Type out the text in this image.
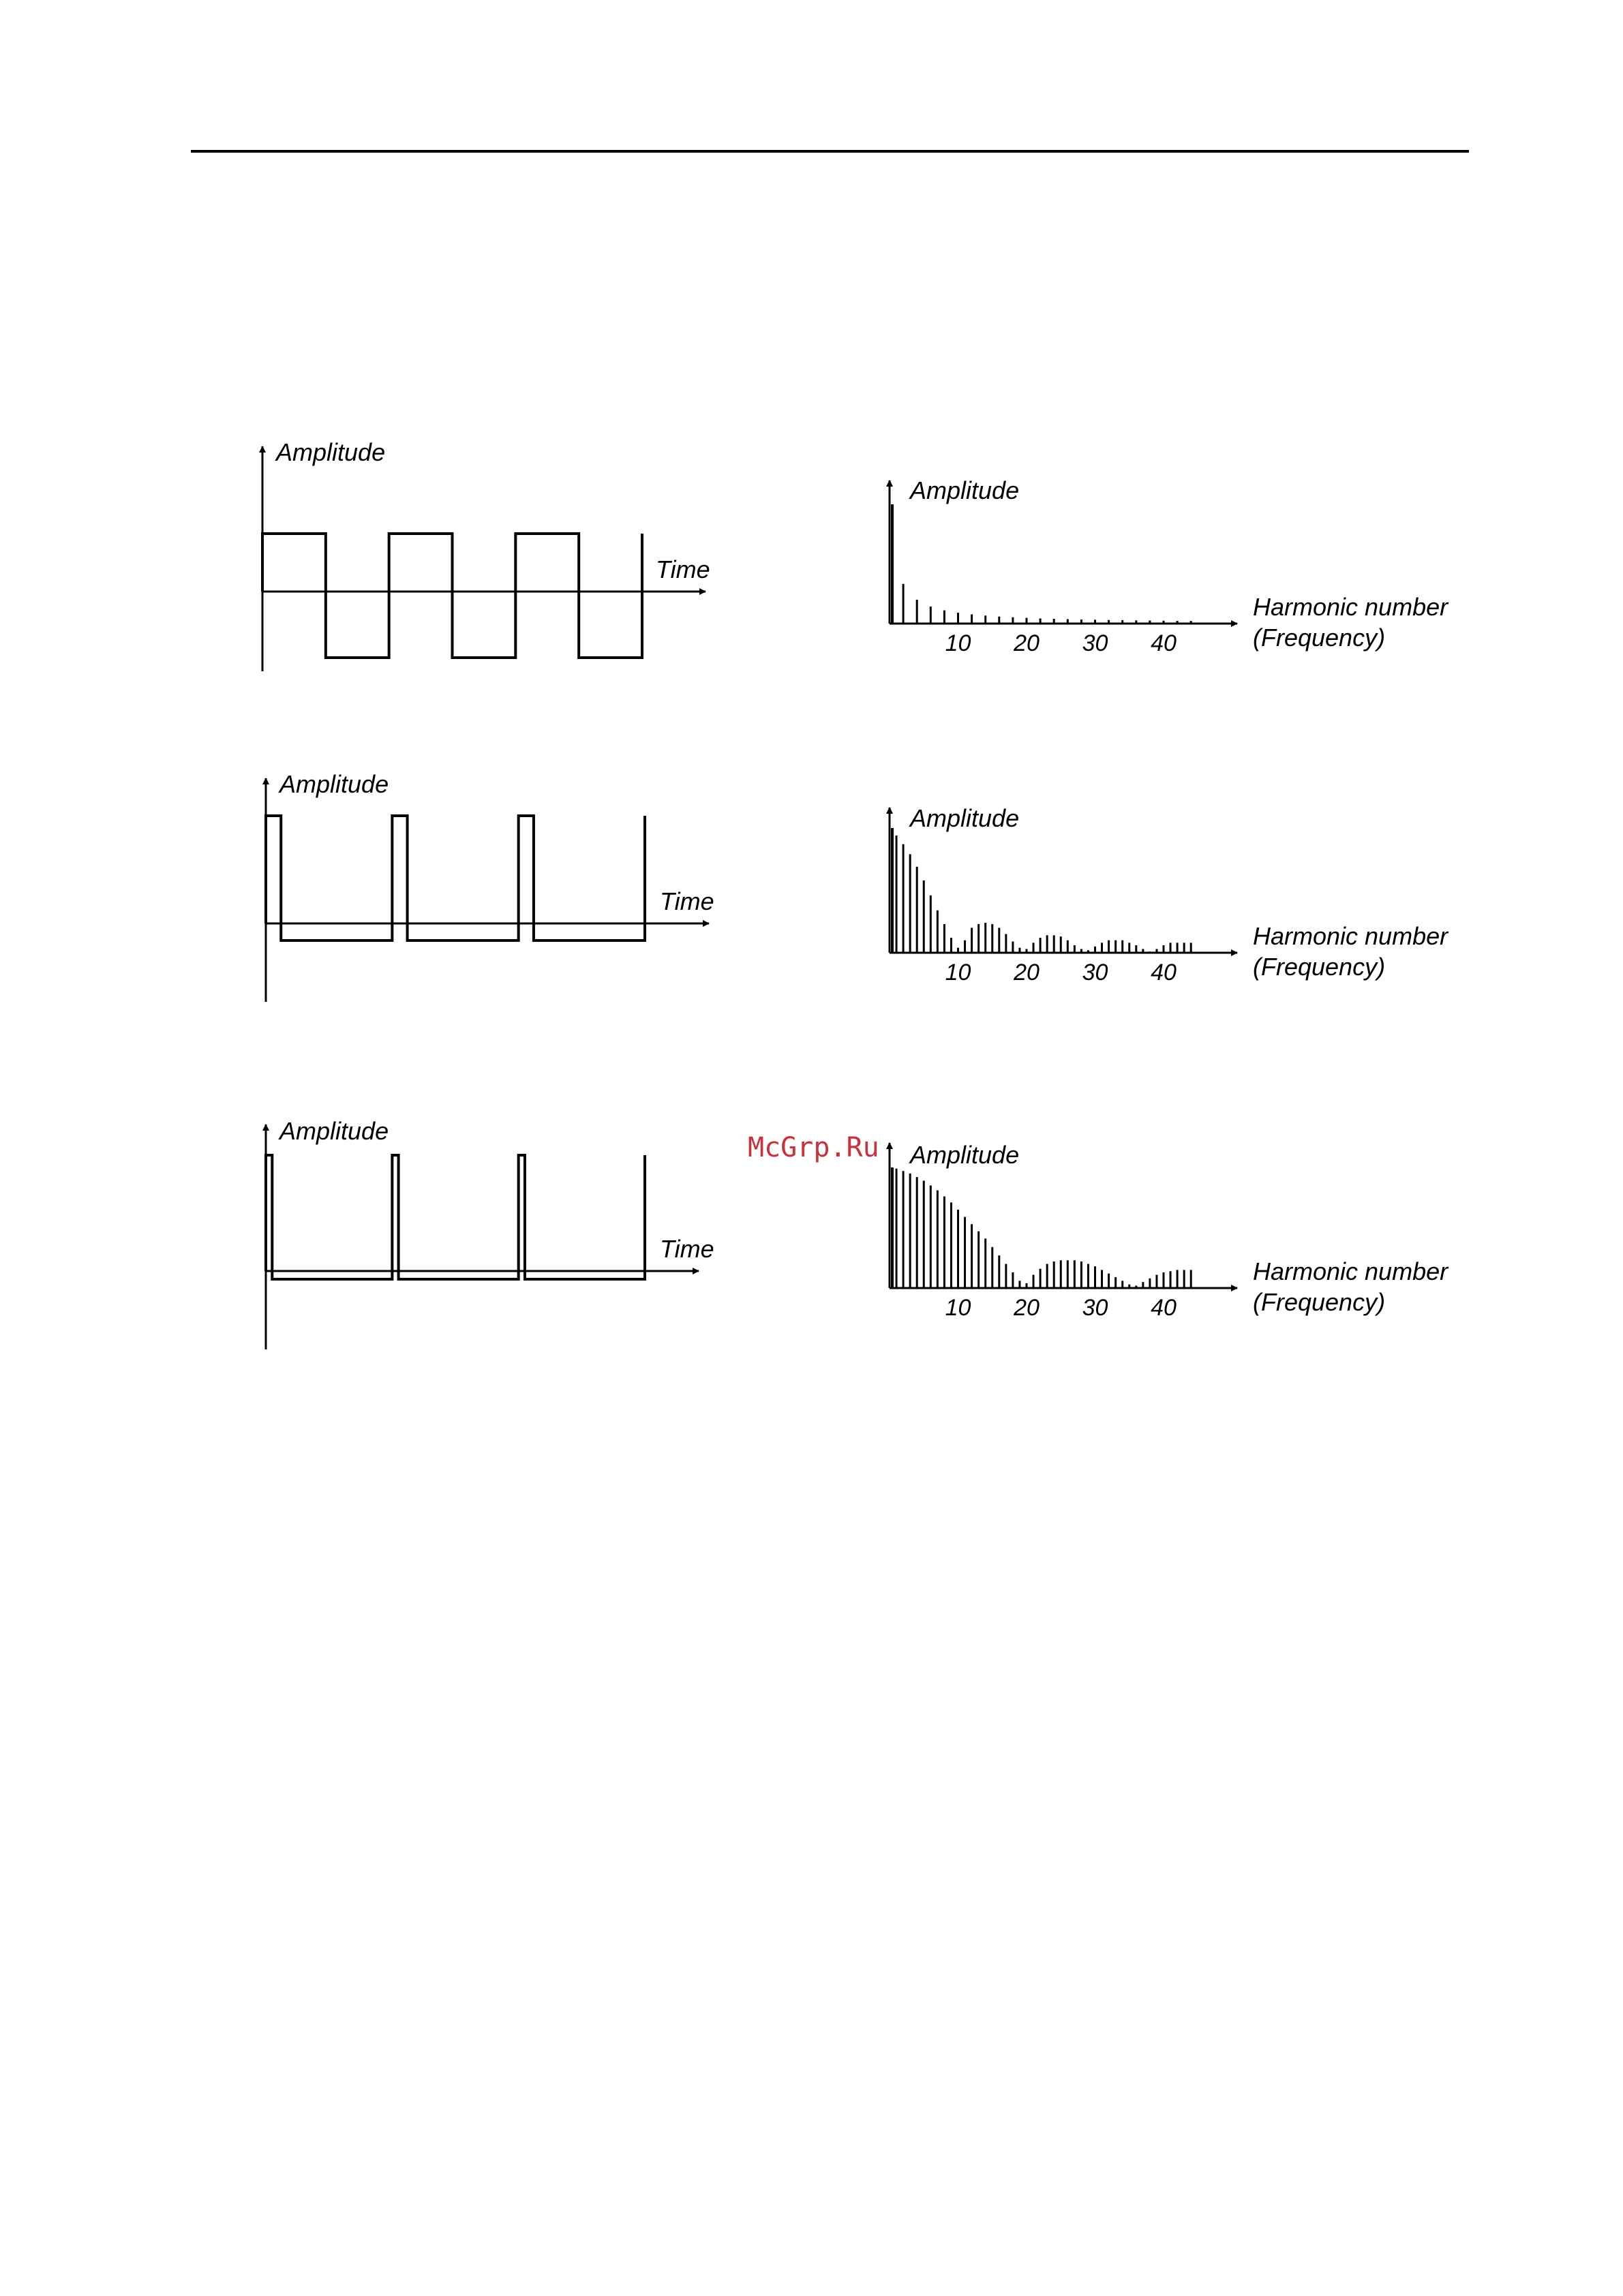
Amplitude
Time
Amplitude
Time
Amplitude
Time
Amplitude
Harmonic number
(Frequency)
10 20 30 40
Amplitude
Harmonic number
(Frequency)
10 20 30 40
Amplitude
Harmonic number
(Frequency)
10 20 30 40
McGrp.Ru
